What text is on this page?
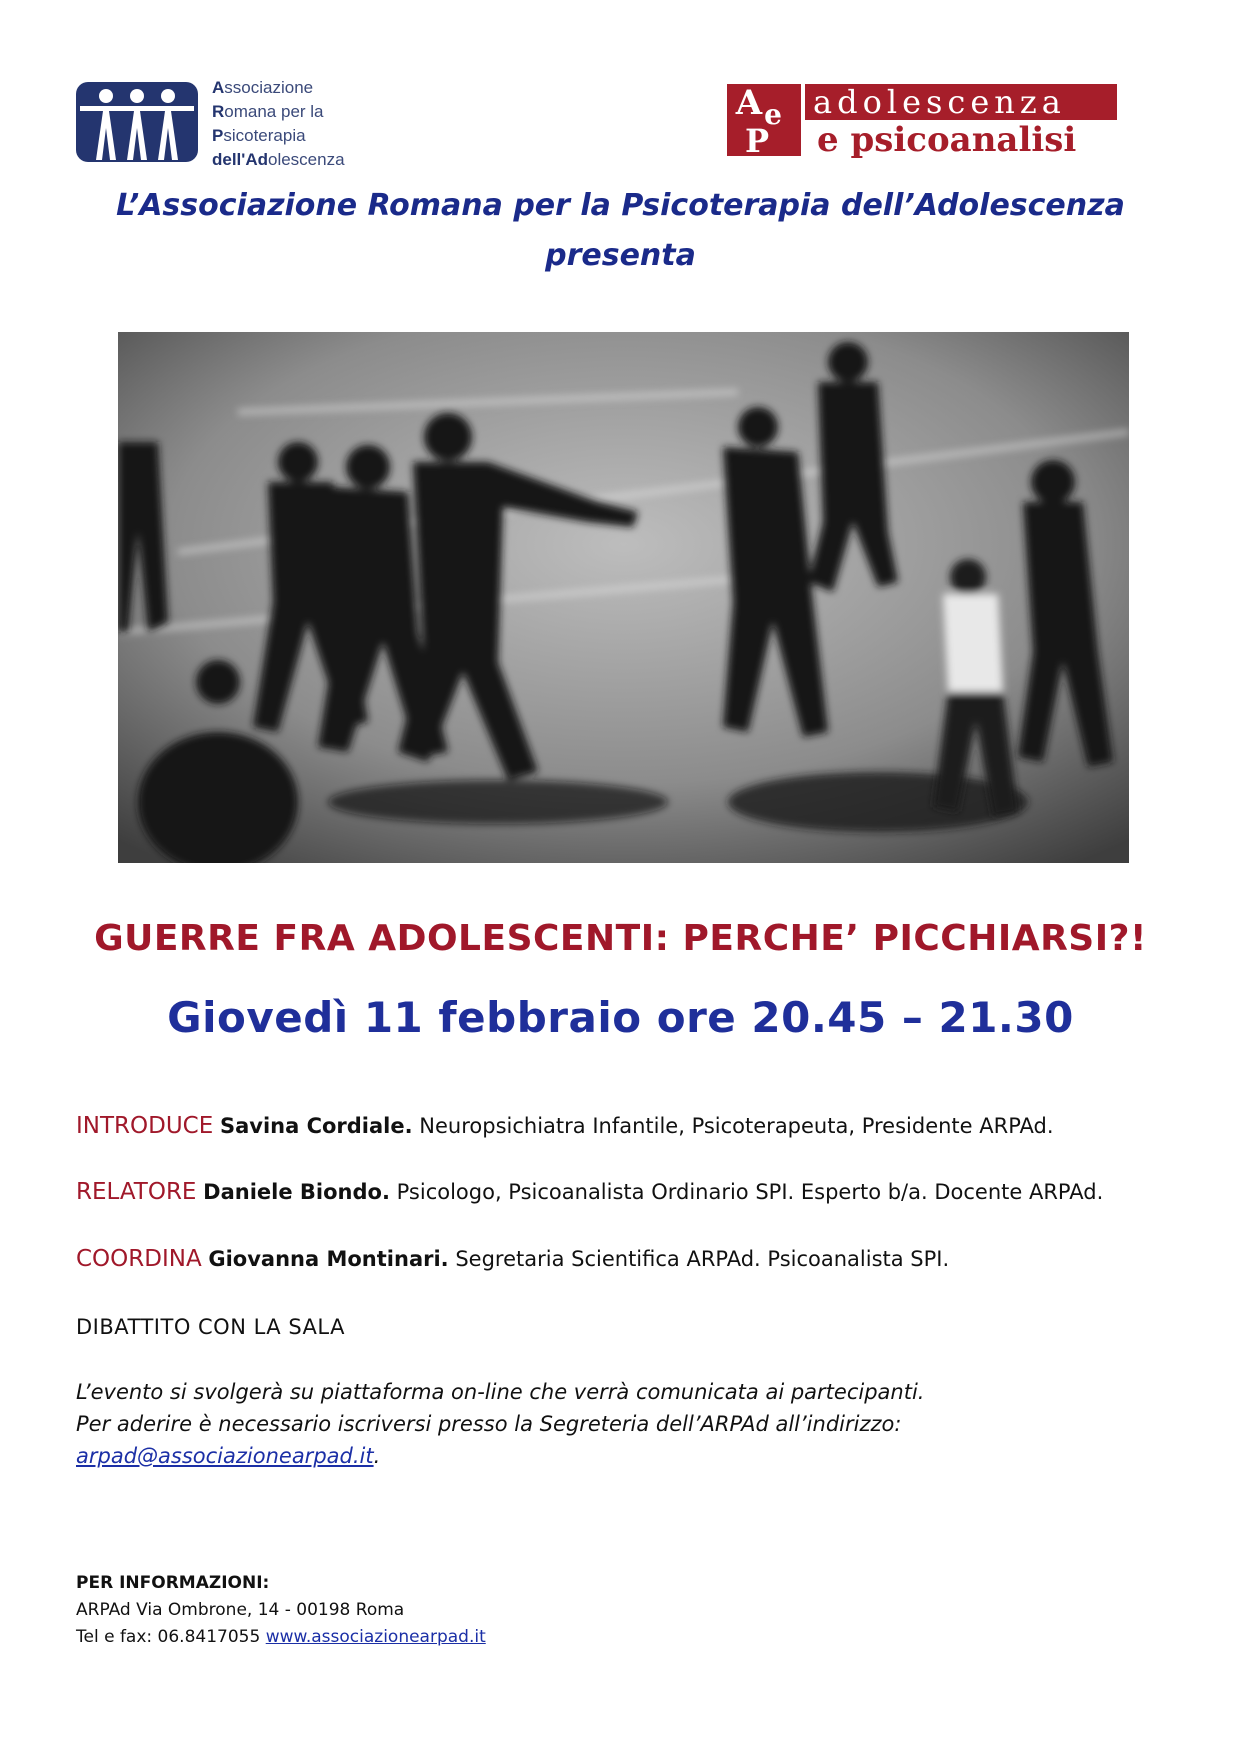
Associazione
Romana per la
Psicoterapia
dell'Adolescenza
A e
P
adolescenza
e psicoanalisi
L’Associazione Romana per la Psicoterapia dell’Adolescenza
presenta
GUERRE FRA ADOLESCENTI: PERCHE’ PICCHIARSI?!
Giovedì 11 febbraio ore 20.45 – 21.30
INTRODUCE Savina Cordiale. Neuropsichiatra Infantile, Psicoterapeuta, Presidente ARPAd.
RELATORE Daniele Biondo. Psicologo, Psicoanalista Ordinario SPI. Esperto b/a. Docente ARPAd.
COORDINA Giovanna Montinari. Segretaria Scientifica ARPAd. Psicoanalista SPI.
DIBATTITO CON LA SALA
L’evento si svolgerà su piattaforma on-line che verrà comunicata ai partecipanti.
Per aderire è necessario iscriversi presso la Segreteria dell’ARPAd all’indirizzo:
arpad@associazionearpad.it.
PER INFORMAZIONI:
ARPAd Via Ombrone, 14 - 00198 Roma
Tel e fax: 06.8417055 www.associazionearpad.it
